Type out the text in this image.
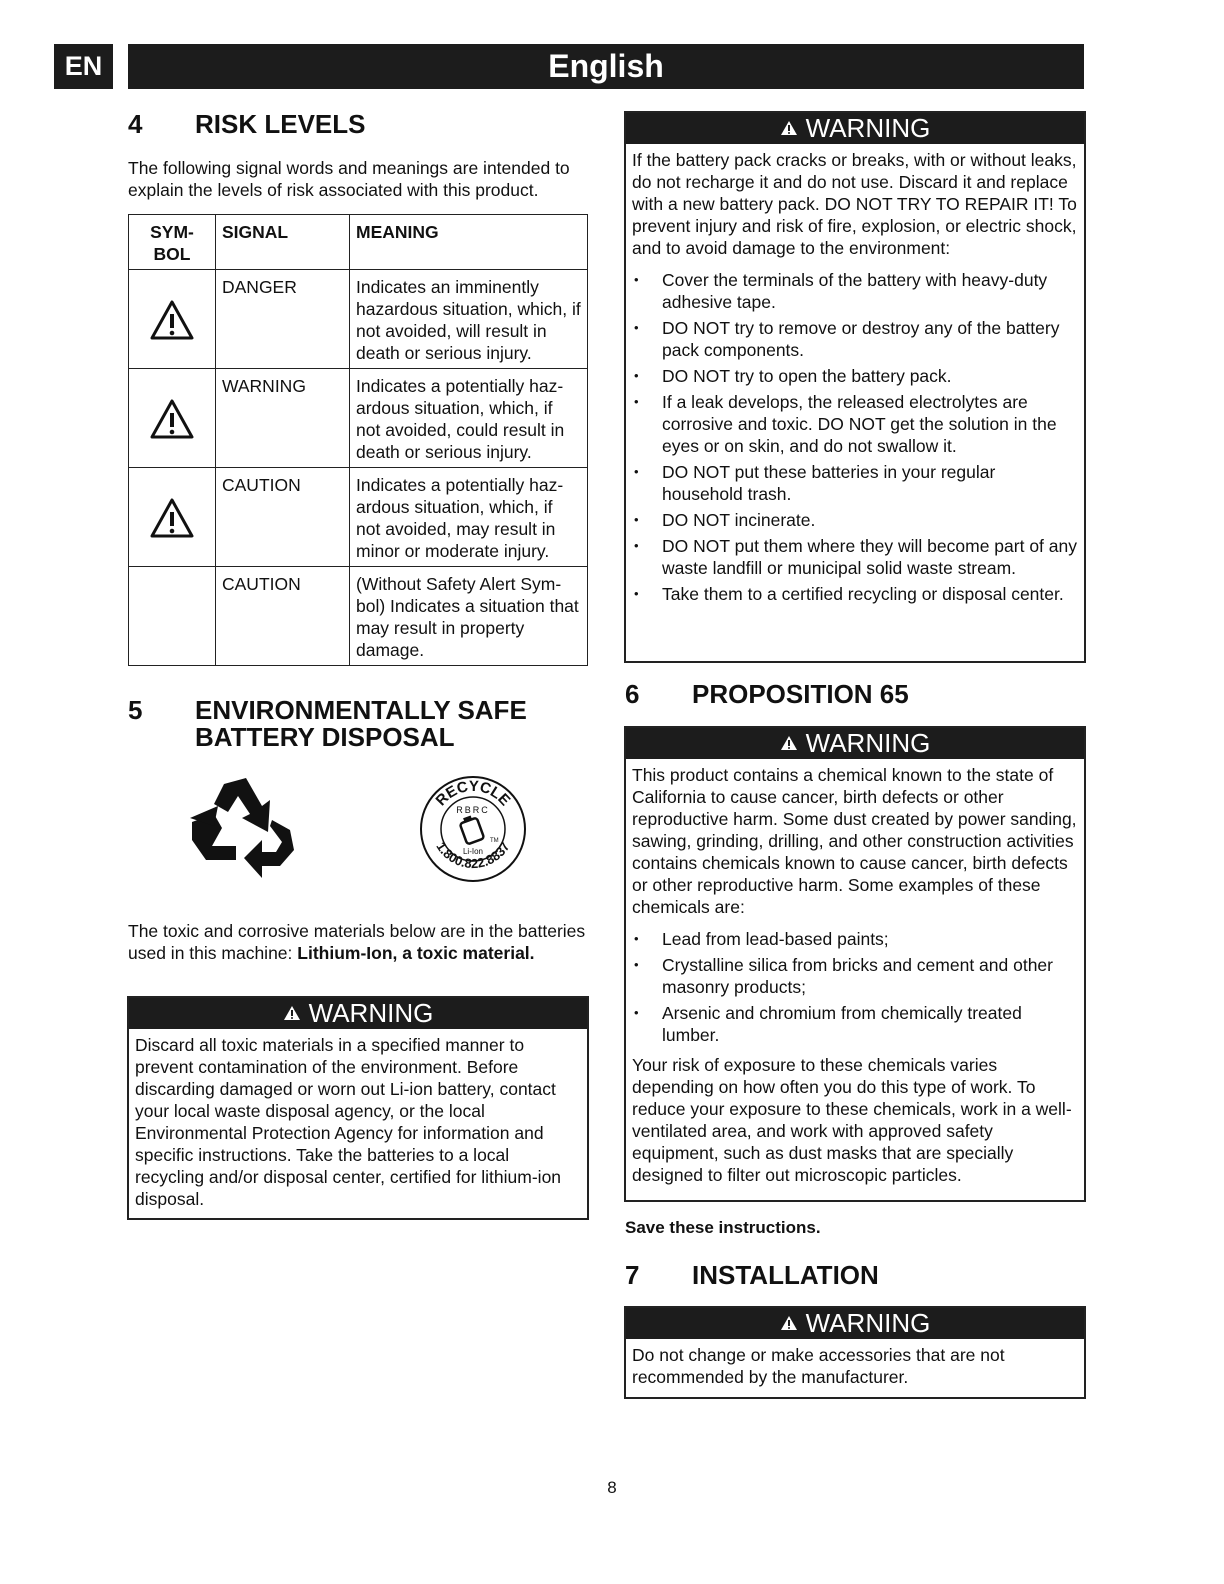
EN	English
4 RISK LEVELS
The following signal words and meanings are intended to explain the levels of risk associated with this product.
SYM-
BOL	SIGNAL	MEANING

DANGER	Indicates an imminently hazardous situation, which, if not avoided, will result in death or serious injury.

WARNING	Indicates a potentially haz-ardous situation, which, if not avoided, could result in death or serious injury.

CAUTION	Indicates a potentially haz-ardous situation, which, if not avoided, may result in minor or moderate injury.

	CAUTION	(Without Safety Alert Sym-bol) Indicates a situation that may result in property damage.
5 ENVIRONMENTALLY SAFE
BATTERY DISPOSAL
RECYCLE
1.800.822.8837
RBRC
TM
Li-Ion
The toxic and corrosive materials below are in the batteries used in this machine: Lithium-Ion, a toxic material.
WARNING
Discard all toxic materials in a specified manner to prevent contamination of the environment. Before discarding damaged or worn out Li-ion battery, contact your local waste disposal agency, or the local Environmental Protection Agency for information and specific instructions. Take the batteries to a local recycling and/or disposal center, certified for lithium-ion disposal.
WARNING
If the battery pack cracks or breaks, with or without leaks, do not recharge it and do not use. Discard it and replace with a new battery pack. DO NOT TRY TO REPAIR IT! To prevent injury and risk of fire, explosion, or electric shock, and to avoid damage to the environment:
• Cover the terminals of the battery with heavy-duty adhesive tape.
• DO NOT try to remove or destroy any of the battery pack components.
• DO NOT try to open the battery pack.
• If a leak develops, the released electrolytes are corrosive and toxic. DO NOT get the solution in the eyes or on skin, and do not swallow it.
• DO NOT put these batteries in your regular household trash.
• DO NOT incinerate.
• DO NOT put them where they will become part of any waste landfill or municipal solid waste stream.
• Take them to a certified recycling or disposal center.
6 PROPOSITION 65
WARNING
This product contains a chemical known to the state of California to cause cancer, birth defects or other reproductive harm. Some dust created by power sanding, sawing, grinding, drilling, and other construction activities contains chemicals known to cause cancer, birth defects or other reproductive harm. Some examples of these chemicals are:
• Lead from lead-based paints;
• Crystalline silica from bricks and cement and other masonry products;
• Arsenic and chromium from chemically treated lumber.
Your risk of exposure to these chemicals varies depending on how often you do this type of work. To reduce your exposure to these chemicals, work in a well-ventilated area, and work with approved safety equipment, such as dust masks that are specially designed to filter out microscopic particles.
Save these instructions.
7 INSTALLATION
WARNING
Do not change or make accessories that are not recommended by the manufacturer.
8
